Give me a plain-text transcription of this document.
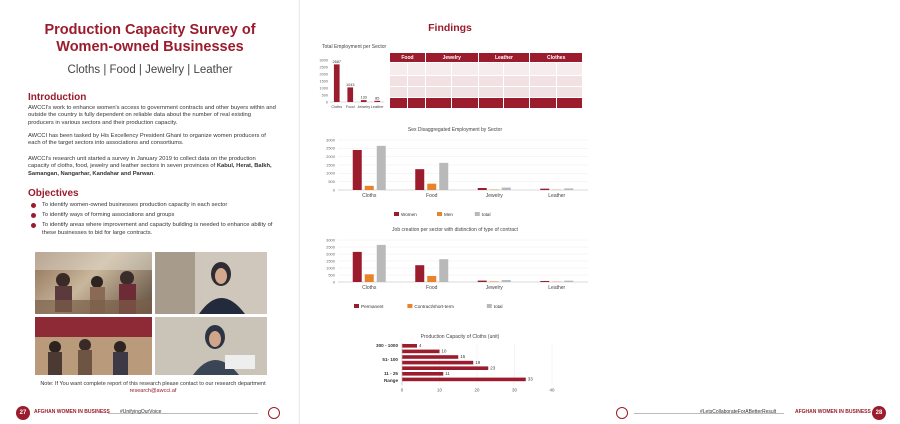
Production Capacity Survey of
Women-owned Businesses
Cloths | Food | Jewelry | Leather
Introduction
AWCCI's work to enhance women's access to government contracts and other buyers within and outside the country is fully dependent on reliable data about the number of real existing producers in various sectors and their production capacity.
AWCCI has been tasked by His Excellency President Ghani to organize women producers of each of the target sectors into associations and consortiums.
AWCCI's research unit started a survey in January 2019 to collect data on the production capacity of cloths, food, jewelry and leather sectors in seven provinces of Kabul, Herat, Balkh, Samangan, Nangarhar, Kandahar and Parwan.
Objectives
To identify women-owned businesses production capacity in each sector
To identify ways of forming associations and groups
To identify areas where improvement and capacity building is needed to enhance ability of these businesses to bid for large contracts.
Note: If You want complete report of this research please contact to our research department
research@awcci.af
27	AFGHAN WOMEN IN BUSINESS #UnifyingOurVoice
Findings
#LetsCollaborateForABetterResult	AFGHAN WOMEN IN BUSINESS 28
Total Employment per Sector
3000
2500
2000
1500
1000
500
0
2687
Cloths
1043
Food
133
Jewelry
85
Leather
Food		Jewelry		Leather		Clothes	

Sex Disaggregated Employment by Sector
3000
2500
2000
1500
1000
500
0
Cloths	Food	Jewelry	Leather
Women	Men	total
Job creation per sector with distinction of type of contract
3000
2500
2000
1500
1000
500
0
Cloths	Food	Jewelry	Leather
Permanent	Contract/short-term	total
Production Capacity of Cloths (unit)
0	10	20	30	40
4
10
15
19
23
11
33
300 - 1000
51- 100
11 - 25
Range
